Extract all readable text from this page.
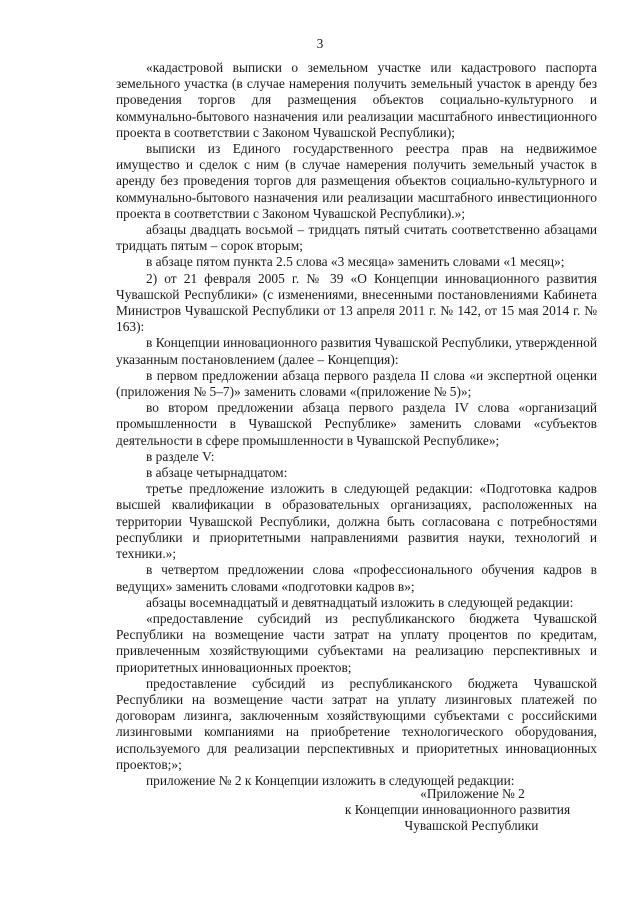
3

«кадастровой выписки о земельном участке или кадастрового паспорта земельного участка (в случае намерения получить земельный участок в аренду без проведения торгов для размещения объектов социально-культурного и коммунально-бытового назначения или реализации масштабного инвестиционного проекта в соответствии с Законом Чувашской Республики);

выписки из Единого государственного реестра прав на недвижимое имущество и сделок с ним (в случае намерения получить земельный участок в аренду без проведения торгов для размещения объектов социально-культурного и коммунально-бытового назначения или реализации масштабного инвестиционного проекта в соответствии с Законом Чувашской Республики).»;

абзацы двадцать восьмой – тридцать пятый считать соответственно абзацами тридцать пятым – сорок вторым;

в абзаце пятом пункта 2.5 слова «3 месяца» заменить словами «1 месяц»;

2) от 21 февраля 2005 г. № 39 «О Концепции инновационного развития Чувашской Республики» (с изменениями, внесенными постановлениями Кабинета Министров Чувашской Республики от 13 апреля 2011 г. № 142, от 15 мая 2014 г. № 163):

в Концепции инновационного развития Чувашской Республики, утвержденной указанным постановлением (далее – Концепция):

в первом предложении абзаца первого раздела II слова «и экспертной оценки (приложения № 5–7)» заменить словами «(приложение № 5)»;

во втором предложении абзаца первого раздела IV слова «организаций промышленности в Чувашской Республике» заменить словами «субъектов деятельности в сфере промышленности в Чувашской Республике»;

в разделе V:

в абзаце четырнадцатом:

третье предложение изложить в следующей редакции: «Подготовка кадров высшей квалификации в образовательных организациях, расположенных на территории Чувашской Республики, должна быть согласована с потребностями республики и приоритетными направлениями развития науки, технологий и техники.»;

в четвертом предложении слова «профессионального обучения кадров в ведущих» заменить словами «подготовки кадров в»;

абзацы восемнадцатый и девятнадцатый изложить в следующей редакции:

«предоставление субсидий из республиканского бюджета Чувашской Республики на возмещение части затрат на уплату процентов по кредитам, привлеченным хозяйствующими субъектами на реализацию перспективных и приоритетных инновационных проектов;

предоставление субсидий из республиканского бюджета Чувашской Республики на возмещение части затрат на уплату лизинговых платежей по договорам лизинга, заключенным хозяйствующими субъектами с российскими лизинговыми компаниями на приобретение технологического оборудования, используемого для реализации перспективных и приоритетных инновационных проектов;»;

приложение № 2 к Концепции изложить в следующей редакции:

«Приложение № 2
к Концепции инновационного развития
Чувашской Республики
